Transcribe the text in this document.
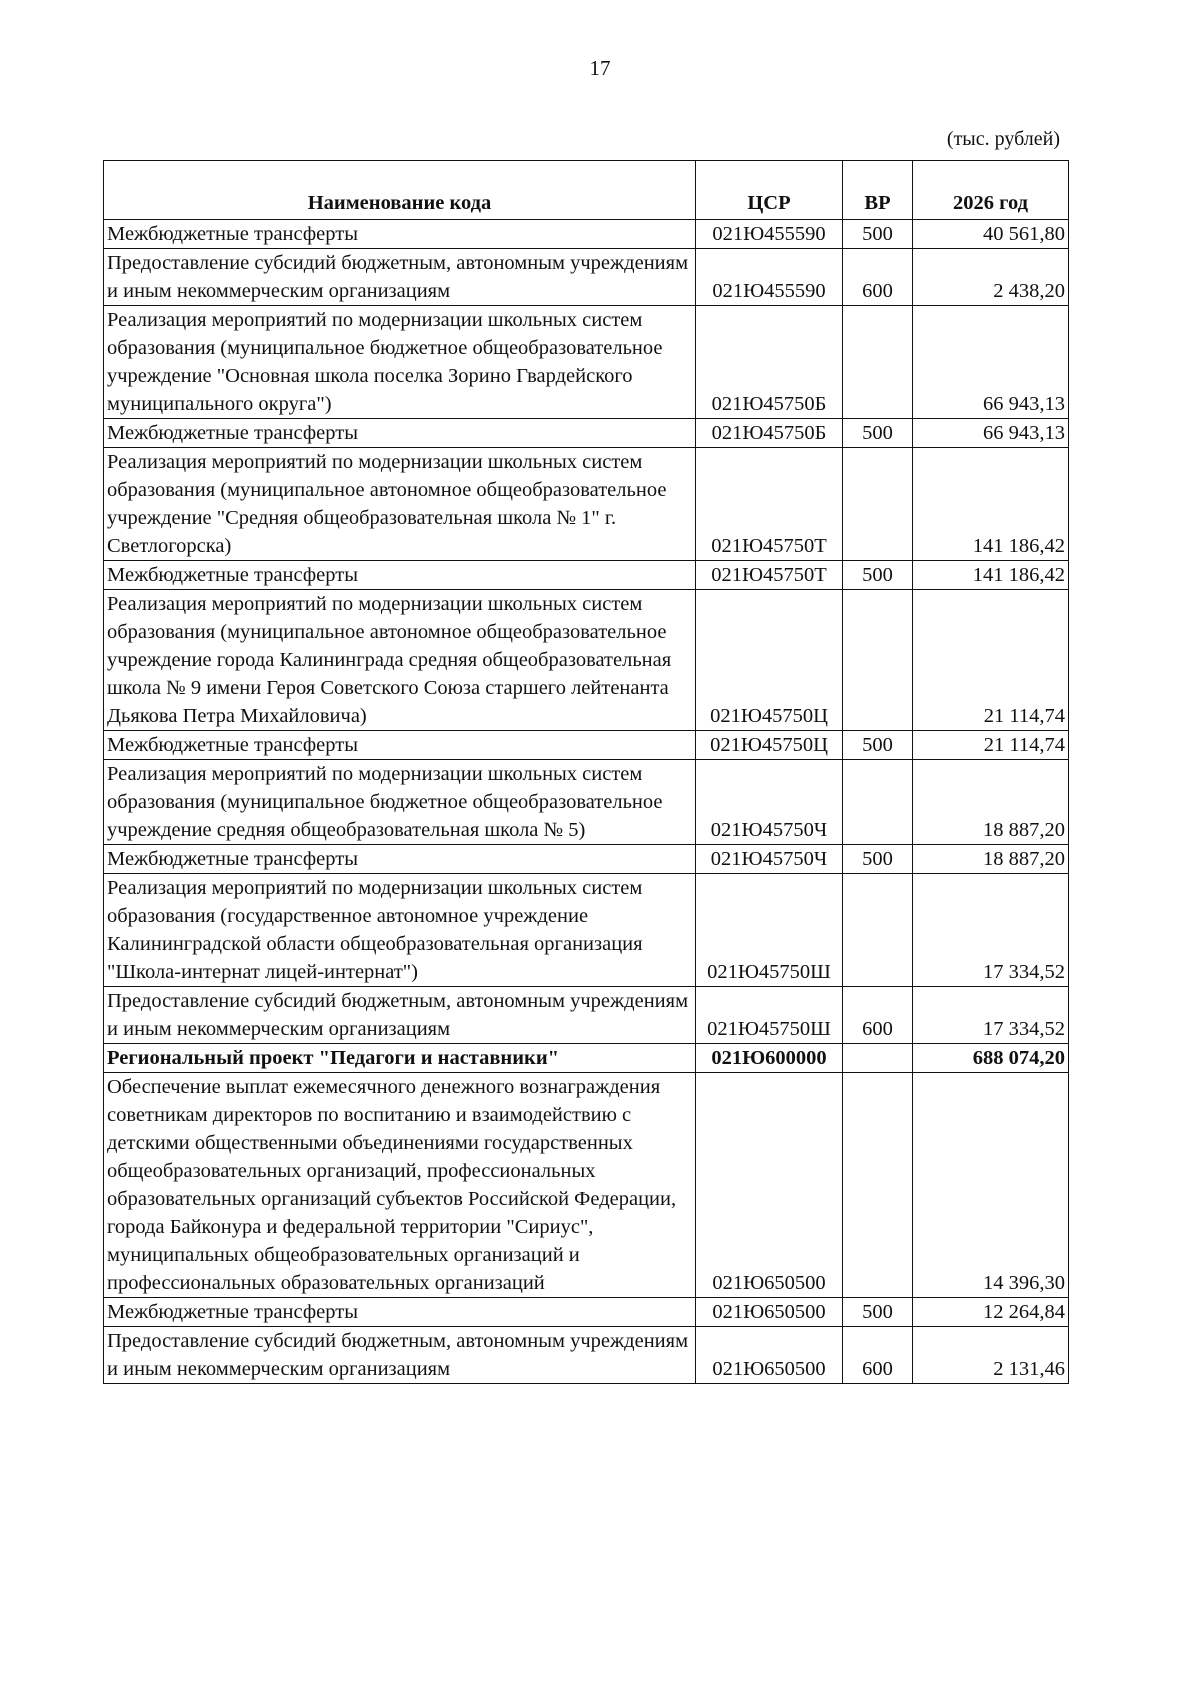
17
(тыс. рублей)
Наименование кода	ЦСР	ВР	2026 год
Межбюджетные трансферты	021Ю455590	500	40 561,80
Предоставление субсидий бюджетным, автономным учреждениям и иным некоммерческим организациям	021Ю455590	600	2 438,20
Реализация мероприятий по модернизации школьных систем образования (муниципальное бюджетное общеобразовательное учреждение "Основная школа поселка Зорино Гвардейского муниципального округа")	021Ю45750Б		66 943,13
Межбюджетные трансферты	021Ю45750Б	500	66 943,13
Реализация мероприятий по модернизации школьных систем образования (муниципальное автономное общеобразовательное учреждение "Средняя общеобразовательная школа № 1" г. Светлогорска)	021Ю45750Т		141 186,42
Межбюджетные трансферты	021Ю45750Т	500	141 186,42
Реализация мероприятий по модернизации школьных систем образования (муниципальное автономное общеобразовательное учреждение города Калининграда средняя общеобразовательная школа № 9 имени Героя Советского Союза старшего лейтенанта Дьякова Петра Михайловича)	021Ю45750Ц		21 114,74
Межбюджетные трансферты	021Ю45750Ц	500	21 114,74
Реализация мероприятий по модернизации школьных систем образования (муниципальное бюджетное общеобразовательное учреждение средняя общеобразовательная школа № 5)	021Ю45750Ч		18 887,20
Межбюджетные трансферты	021Ю45750Ч	500	18 887,20
Реализация мероприятий по модернизации школьных систем образования (государственное автономное учреждение Калининградской области общеобразовательная организация "Школа-интернат лицей-интернат")	021Ю45750Ш		17 334,52
Предоставление субсидий бюджетным, автономным учреждениям и иным некоммерческим организациям	021Ю45750Ш	600	17 334,52
Региональный проект "Педагоги и наставники"	021Ю600000		688 074,20
Обеспечение выплат ежемесячного денежного вознаграждения советникам директоров по воспитанию и взаимодействию с детскими общественными объединениями государственных общеобразовательных организаций, профессиональных образовательных организаций субъектов Российской Федерации, города Байконура и федеральной территории "Сириус", муниципальных общеобразовательных организаций и профессиональных образовательных организаций	021Ю650500		14 396,30
Межбюджетные трансферты	021Ю650500	500	12 264,84
Предоставление субсидий бюджетным, автономным учреждениям и иным некоммерческим организациям	021Ю650500	600	2 131,46
